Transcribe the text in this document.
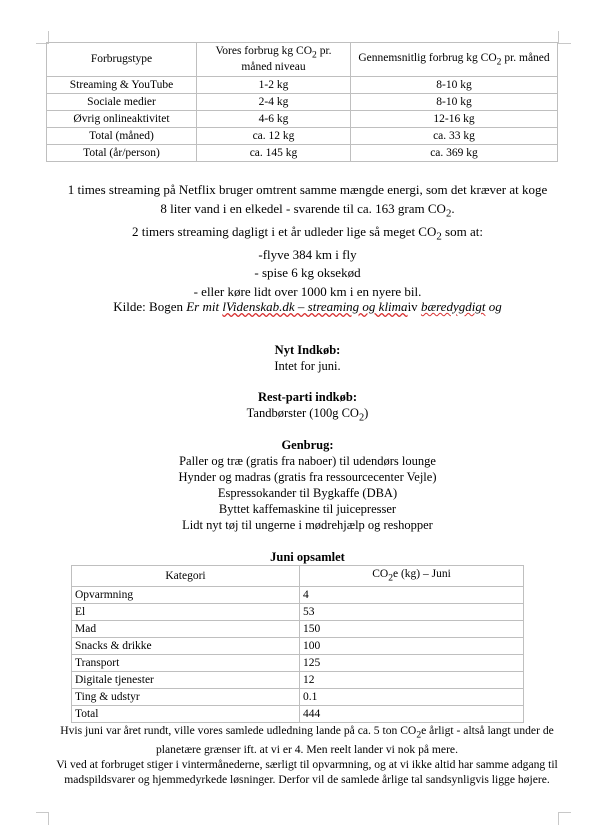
Forbrugstype	Vores forbrug kg $CO_2$ pr. måned niveau	Gennemsnitlig forbrug kg $CO_2$ pr. måned
Streaming & YouTube	1-2 kg	8-10 kg
Sociale medier	2-4 kg	8-10 kg
Øvrig onlineaktivitet	4-6 kg	12-16 kg
Total (måned)	ca. 12 kg	ca. 33 kg
Total (år/person)	ca. 145 kg	ca. 369 kg
1 times streaming på Netflix bruger omtrent samme mængde energi, som det kræver at koge
8 liter vand i en elkedel - svarende til ca. 163 gram $CO_2$.
2 timers streaming dagligt i et år udleder lige så meget $CO_2$ som at:
-flyve 384 km i fly
- spise 6 kg oksekød
- eller køre lidt over 1000 km i en nyere bil.
Kilde: Bogen Er mit lVidenskab.dk – streaming og klimaiv bæredygdigt og
Nyt Indkøb:
Intet for juni.
Rest-parti indkøb:
Tandbørster (100g $CO_2$)
Genbrug:
Paller og træ (gratis fra naboer) til udendørs lounge
Hynder og madras (gratis fra ressourcecenter Vejle)
Espressokander til Bygkaffe (DBA)
Byttet kaffemaskine til juicepresser
Lidt nyt tøj til ungerne i mødrehjælp og reshopper
Juni opsamlet
Kategori	$CO_2e$ (kg) – Juni
Opvarmning	4
El	53
Mad	150
Snacks & drikke	100
Transport	125
Digitale tjenester	12
Ting & udstyr	0.1
Total	444
Hvis juni var året rundt, ville vores samlede udledning lande på ca. 5 ton $CO_2e$ årligt - altså langt under de planetære grænser ift. at vi er 4. Men reelt lander vi nok på mere.
Vi ved at forbruget stiger i vintermånederne, særligt til opvarmning, og at vi ikke altid har samme adgang til madspildsvarer og hjemmedyrkede løsninger. Derfor vil de samlede årlige tal sandsynligvis ligge højere.
